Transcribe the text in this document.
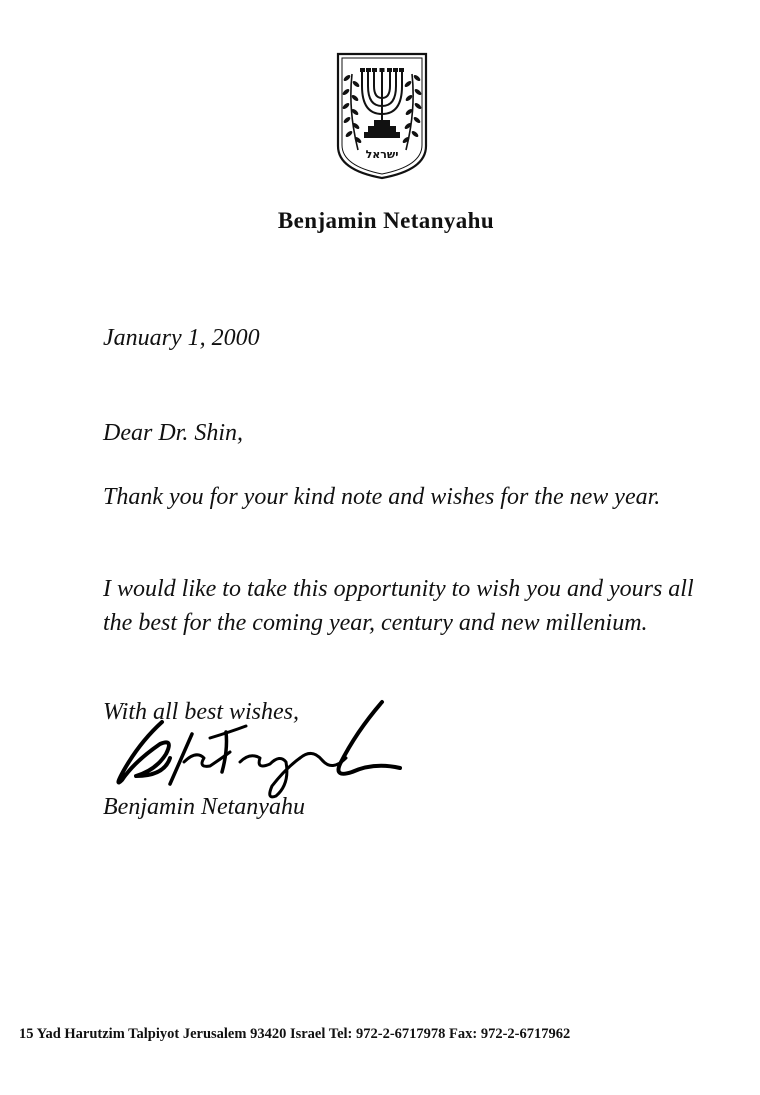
ישראל
Benjamin Netanyahu

January 1, 2000

Dear Dr. Shin,

Thank you for your kind note and wishes for the new year.

I would like to take this opportunity to wish you and yours all the best for the coming year, century and new millenium.

With all best wishes,

Benjamin Netanyahu

15 Yad Harutzim Talpiyot Jerusalem 93420 Israel Tel: 972-2-6717978 Fax: 972-2-6717962
